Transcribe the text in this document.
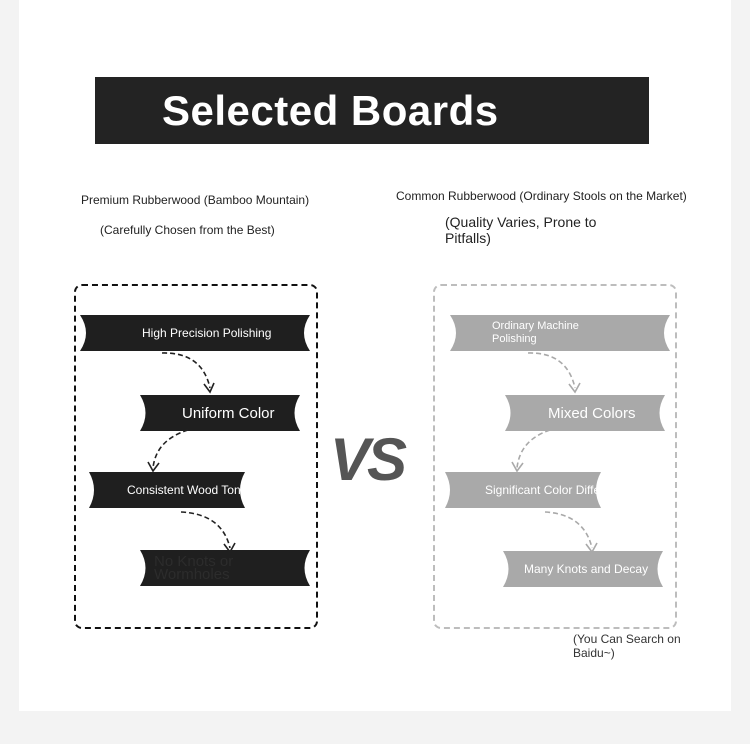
Selected Boards
Premium Rubberwood (Bamboo Mountain)
(Carefully Chosen from the Best)
Common Rubberwood (Ordinary Stools on the Market)
(Quality Varies, Prone to Pitfalls)
VS
High Precision Polishing
Uniform Color
Consistent Wood Tone
No Knots or Wormholes
Ordinary Machine Polishing
Mixed Colors
Significant Color Difference
Many Knots and Decay
(You Can Search on Baidu~)
